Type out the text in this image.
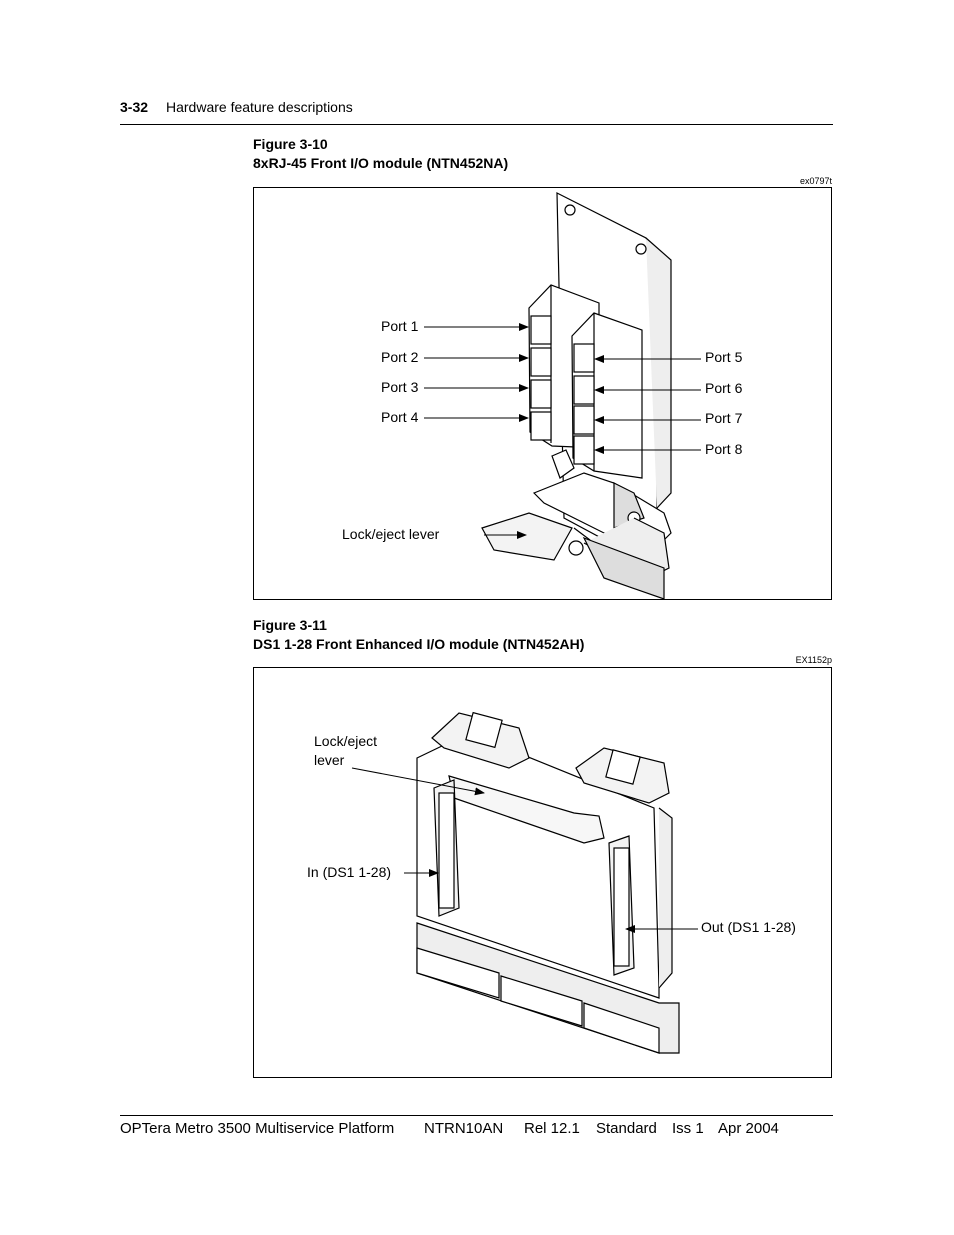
3-32 Hardware feature descriptions
Figure 3-10
8xRJ-45 Front I/O module (NTN452NA)
ex0797t
Port 1
Port 2
Port 3
Port 4
Port 5
Port 6
Port 7
Port 8
Lock/eject lever
Figure 3-11
DS1 1-28 Front Enhanced I/O module (NTN452AH)
EX1152p
Lock/eject
lever
In (DS1 1-28)
Out (DS1 1-28)
OPTera Metro 3500 Multiservice Platform NTRN10AN Rel 12.1 Standard Iss 1 Apr 2004
